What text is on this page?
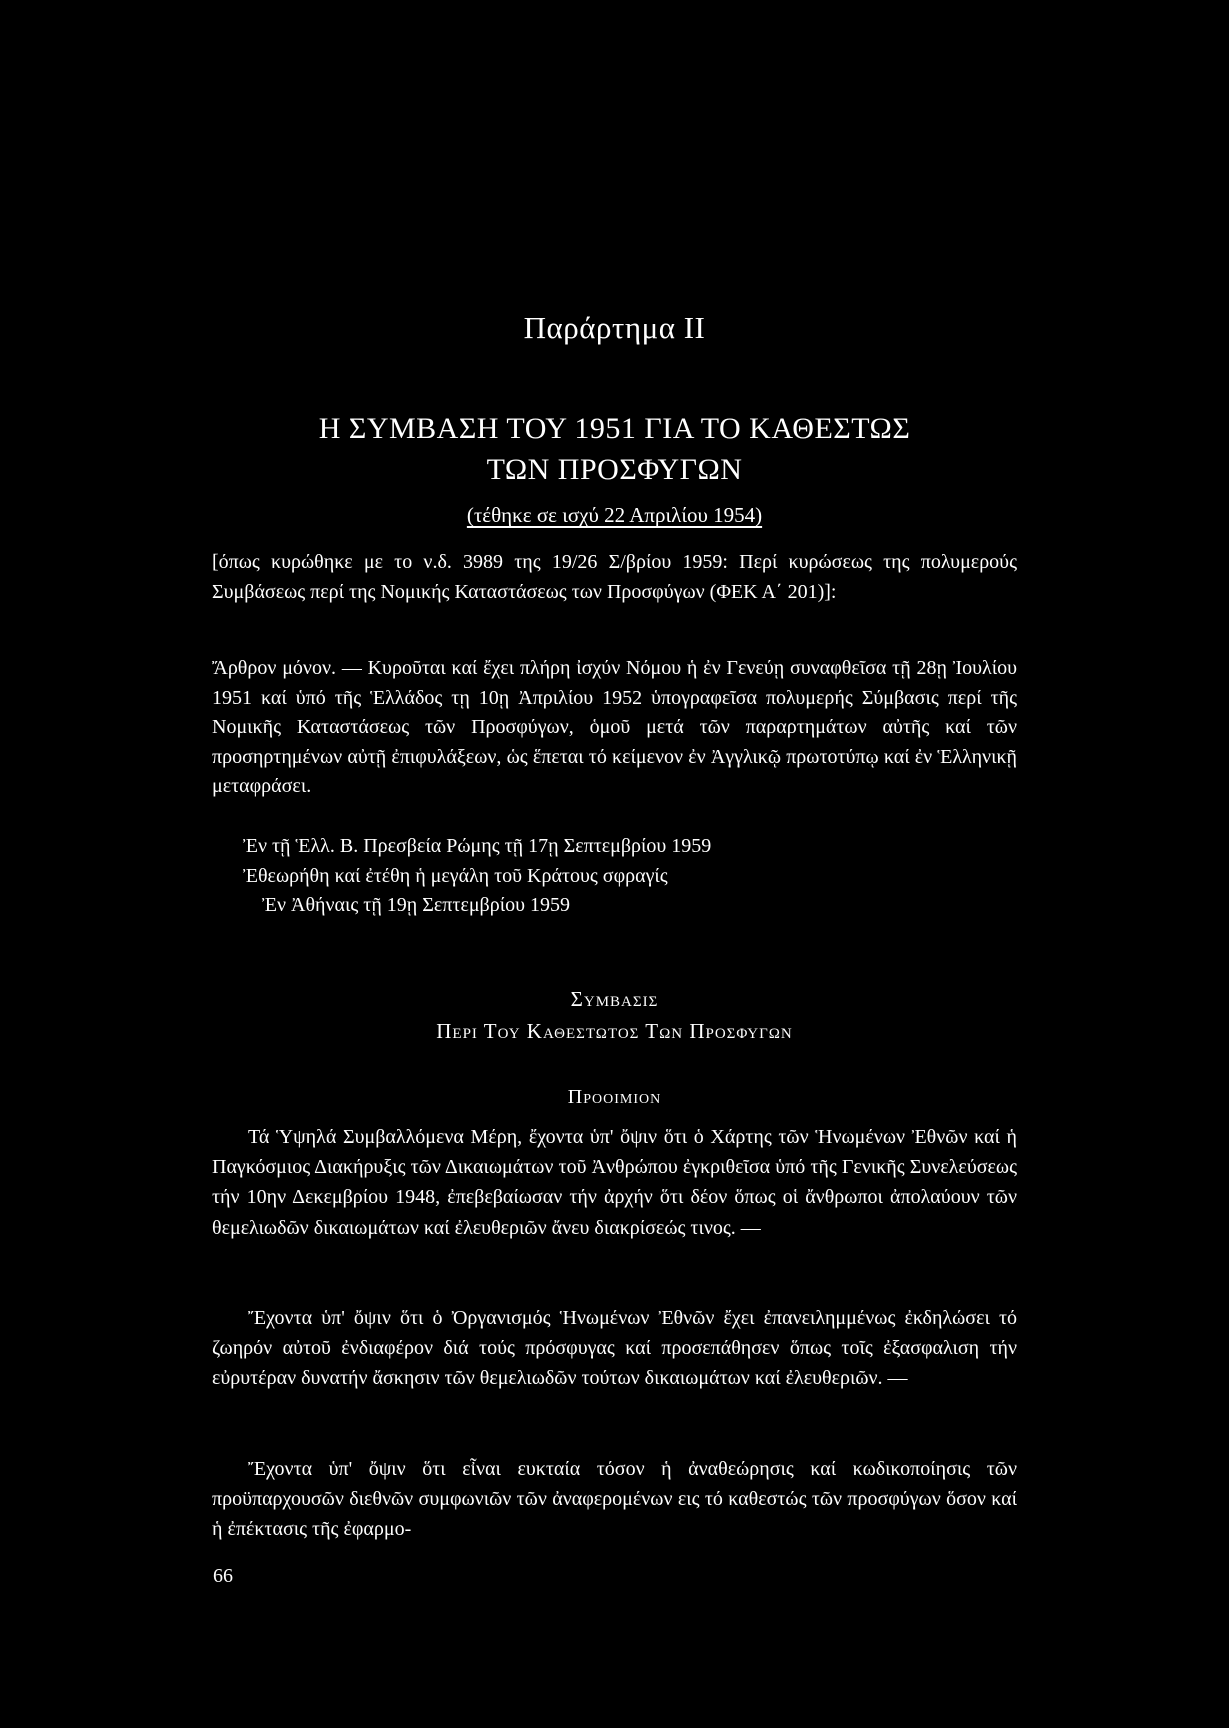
Παράρτημα II
Η ΣΥΜΒΑΣΗ ΤΟΥ 1951 ΓΙΑ ΤΟ ΚΑΘΕΣΤΩΣ
ΤΩΝ ΠΡΟΣΦΥΓΩΝ
(τέθηκε σε ισχύ 22 Απριλίου 1954)
[όπως κυρώθηκε με το ν.δ. 3989 της 19/26 Σ/βρίου 1959: Περί κυρώσεως της πολυμερούς Συμβάσεως περί της Νομικής Καταστάσεως των Προσφύγων (ΦΕΚ Α΄ 201)]:
Ἄρθρον μόνον. — Κυροῦται καί ἔχει πλήρη ἰσχύν Νόμου ἡ ἐν Γενεύῃ συναφθεῖσα τῇ 28ῃ Ἰουλίου 1951 καί ὑπό τῆς Ἑλλάδος τῃ 10ῃ Ἀπριλίου 1952 ὑπογραφεῖσα πολυμερής Σύμβασις περί τῆς Νομικῆς Καταστάσεως τῶν Προσφύγων, ὁμοῦ μετά τῶν παραρτημάτων αὐτῆς καί τῶν προσηρτημένων αὐτῇ ἐπιφυλάξεων, ὡς ἕπεται τό κείμενον ἐν Ἀγγλικῷ πρωτοτύπῳ καί ἐν Ἑλληνικῇ μεταφράσει.
Ἐν τῇ Ἑλλ. Β. Πρεσβεία Ρώμης τῇ 17ῃ Σεπτεμβρίου 1959
Ἐθεωρήθη καί ἐτέθη ἡ μεγάλη τοῦ Κράτους σφραγίς
Ἐν Ἀθήναις τῇ 19ῃ Σεπτεμβρίου 1959
Συμβασις
Περι Του Καθεστωτος Των Προσφυγων
Προοιμιον
Τά Ὑψηλά Συμβαλλόμενα Μέρη, ἔχοντα ὑπ' ὄψιν ὅτι ὁ Χάρτης τῶν Ἡνωμένων Ἐθνῶν καί ἡ Παγκόσμιος Διακήρυξις τῶν Δικαιωμάτων τοῦ Ἀνθρώπου ἐγκριθεῖσα ὑπό τῆς Γενικῆς Συνελεύσεως τήν 10ην Δεκεμβρίου 1948, ἐπεβεβαίωσαν τήν ἀρχήν ὅτι δέον ὅπως οἱ ἄνθρωποι ἀπολαύουν τῶν θεμελιωδῶν δικαιωμάτων καί ἐλευθεριῶν ἄνευ διακρίσεώς τινος. —
Ἔχοντα ὑπ' ὄψιν ὅτι ὁ Ὀργανισμός Ἡνωμένων Ἐθνῶν ἔχει ἐπανειλημμένως ἐκδηλώσει τό ζωηρόν αὐτοῦ ἐνδιαφέρον διά τούς πρόσφυγας καί προσεπάθησεν ὅπως τοῖς ἐξασφαλιση τήν εὐρυτέραν δυνατήν ἄσκησιν τῶν θεμελιωδῶν τούτων δικαιωμάτων καί ἐλευθεριῶν. —
Ἔχοντα ὑπ' ὄψιν ὅτι εἶναι ευκταία τόσον ἡ ἀναθεώρησις καί κωδικοποίησις τῶν προϋπαρχουσῶν διεθνῶν συμφωνιῶν τῶν ἀναφερομένων εις τό καθεστώς τῶν προσφύγων ὅσον καί ἡ ἐπέκτασις τῆς ἐφαρμο-
66
